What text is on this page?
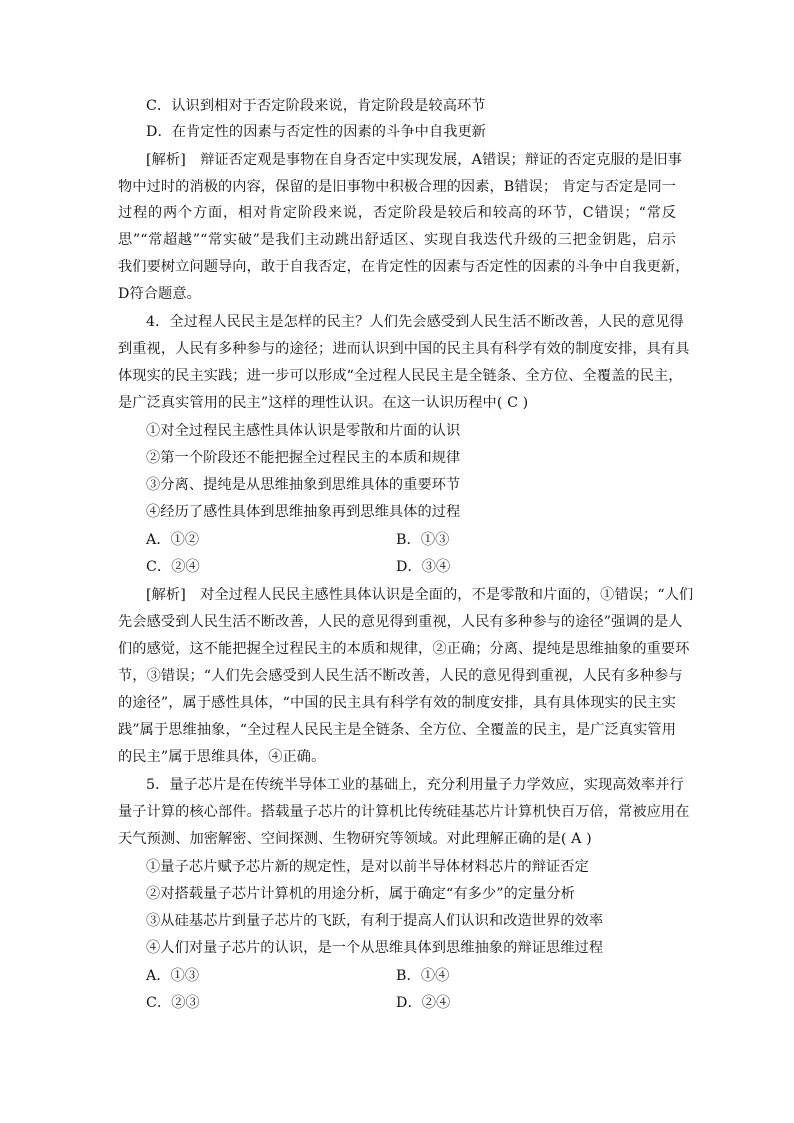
C．认识到相对于否定阶段来说，肯定阶段是较高环节
D．在肯定性的因素与否定性的因素的斗争中自我更新
[解析]　辩证否定观是事物在自身否定中实现发展，A错误；辩证的否定克服的是旧事
物中过时的消极的内容，保留的是旧事物中积极合理的因素，B错误； 肯定与否定是同一
过程的两个方面，相对肯定阶段来说，否定阶段是较后和较高的环节，C错误；“常反
思”“常超越”“常实破”是我们主动跳出舒适区、实现自我迭代升级的三把金钥匙，启示
我们要树立问题导向，敢于自我否定，在肯定性的因素与否定性的因素的斗争中自我更新，
D符合题意。
4．全过程人民民主是怎样的民主？人们先会感受到人民生活不断改善，人民的意见得
到重视，人民有多种参与的途径；进而认识到中国的民主具有科学有效的制度安排，具有具
体现实的民主实践；进一步可以形成“全过程人民民主是全链条、全方位、全覆盖的民主，
是广泛真实管用的民主”这样的理性认识。在这一认识历程中( C )
①对全过程民主感性具体认识是零散和片面的认识
②第一个阶段还不能把握全过程民主的本质和规律
③分离、提纯是从思维抽象到思维具体的重要环节
④经历了感性具体到思维抽象再到思维具体的过程
A．①②	B．①③
C．②④	D．③④
[解析]　对全过程人民民主感性具体认识是全面的，不是零散和片面的，①错误；“人们
先会感受到人民生活不断改善，人民的意见得到重视，人民有多种参与的途径”强调的是人
们的感觉，这不能把握全过程民主的本质和规律，②正确；分离、提纯是思维抽象的重要环
节，③错误；“人们先会感受到人民生活不断改善，人民的意见得到重视，人民有多种参与
的途径”，属于感性具体，“中国的民主具有科学有效的制度安排，具有具体现实的民主实
践”属于思维抽象，“全过程人民民主是全链条、全方位、全覆盖的民主，是广泛真实管用
的民主”属于思维具体，④正确。
5．量子芯片是在传统半导体工业的基础上，充分利用量子力学效应，实现高效率并行
量子计算的核心部件。搭载量子芯片的计算机比传统硅基芯片计算机快百万倍，常被应用在
天气预测、加密解密、空间探测、生物研究等领域。对此理解正确的是( A )
①量子芯片赋予芯片新的规定性，是对以前半导体材料芯片的辩证否定
②对搭载量子芯片计算机的用途分析，属于确定“有多少”的定量分析
③从硅基芯片到量子芯片的飞跃，有利于提高人们认识和改造世界的效率
④人们对量子芯片的认识，是一个从思维具体到思维抽象的辩证思维过程
A．①③	B．①④
C．②③	D．②④
